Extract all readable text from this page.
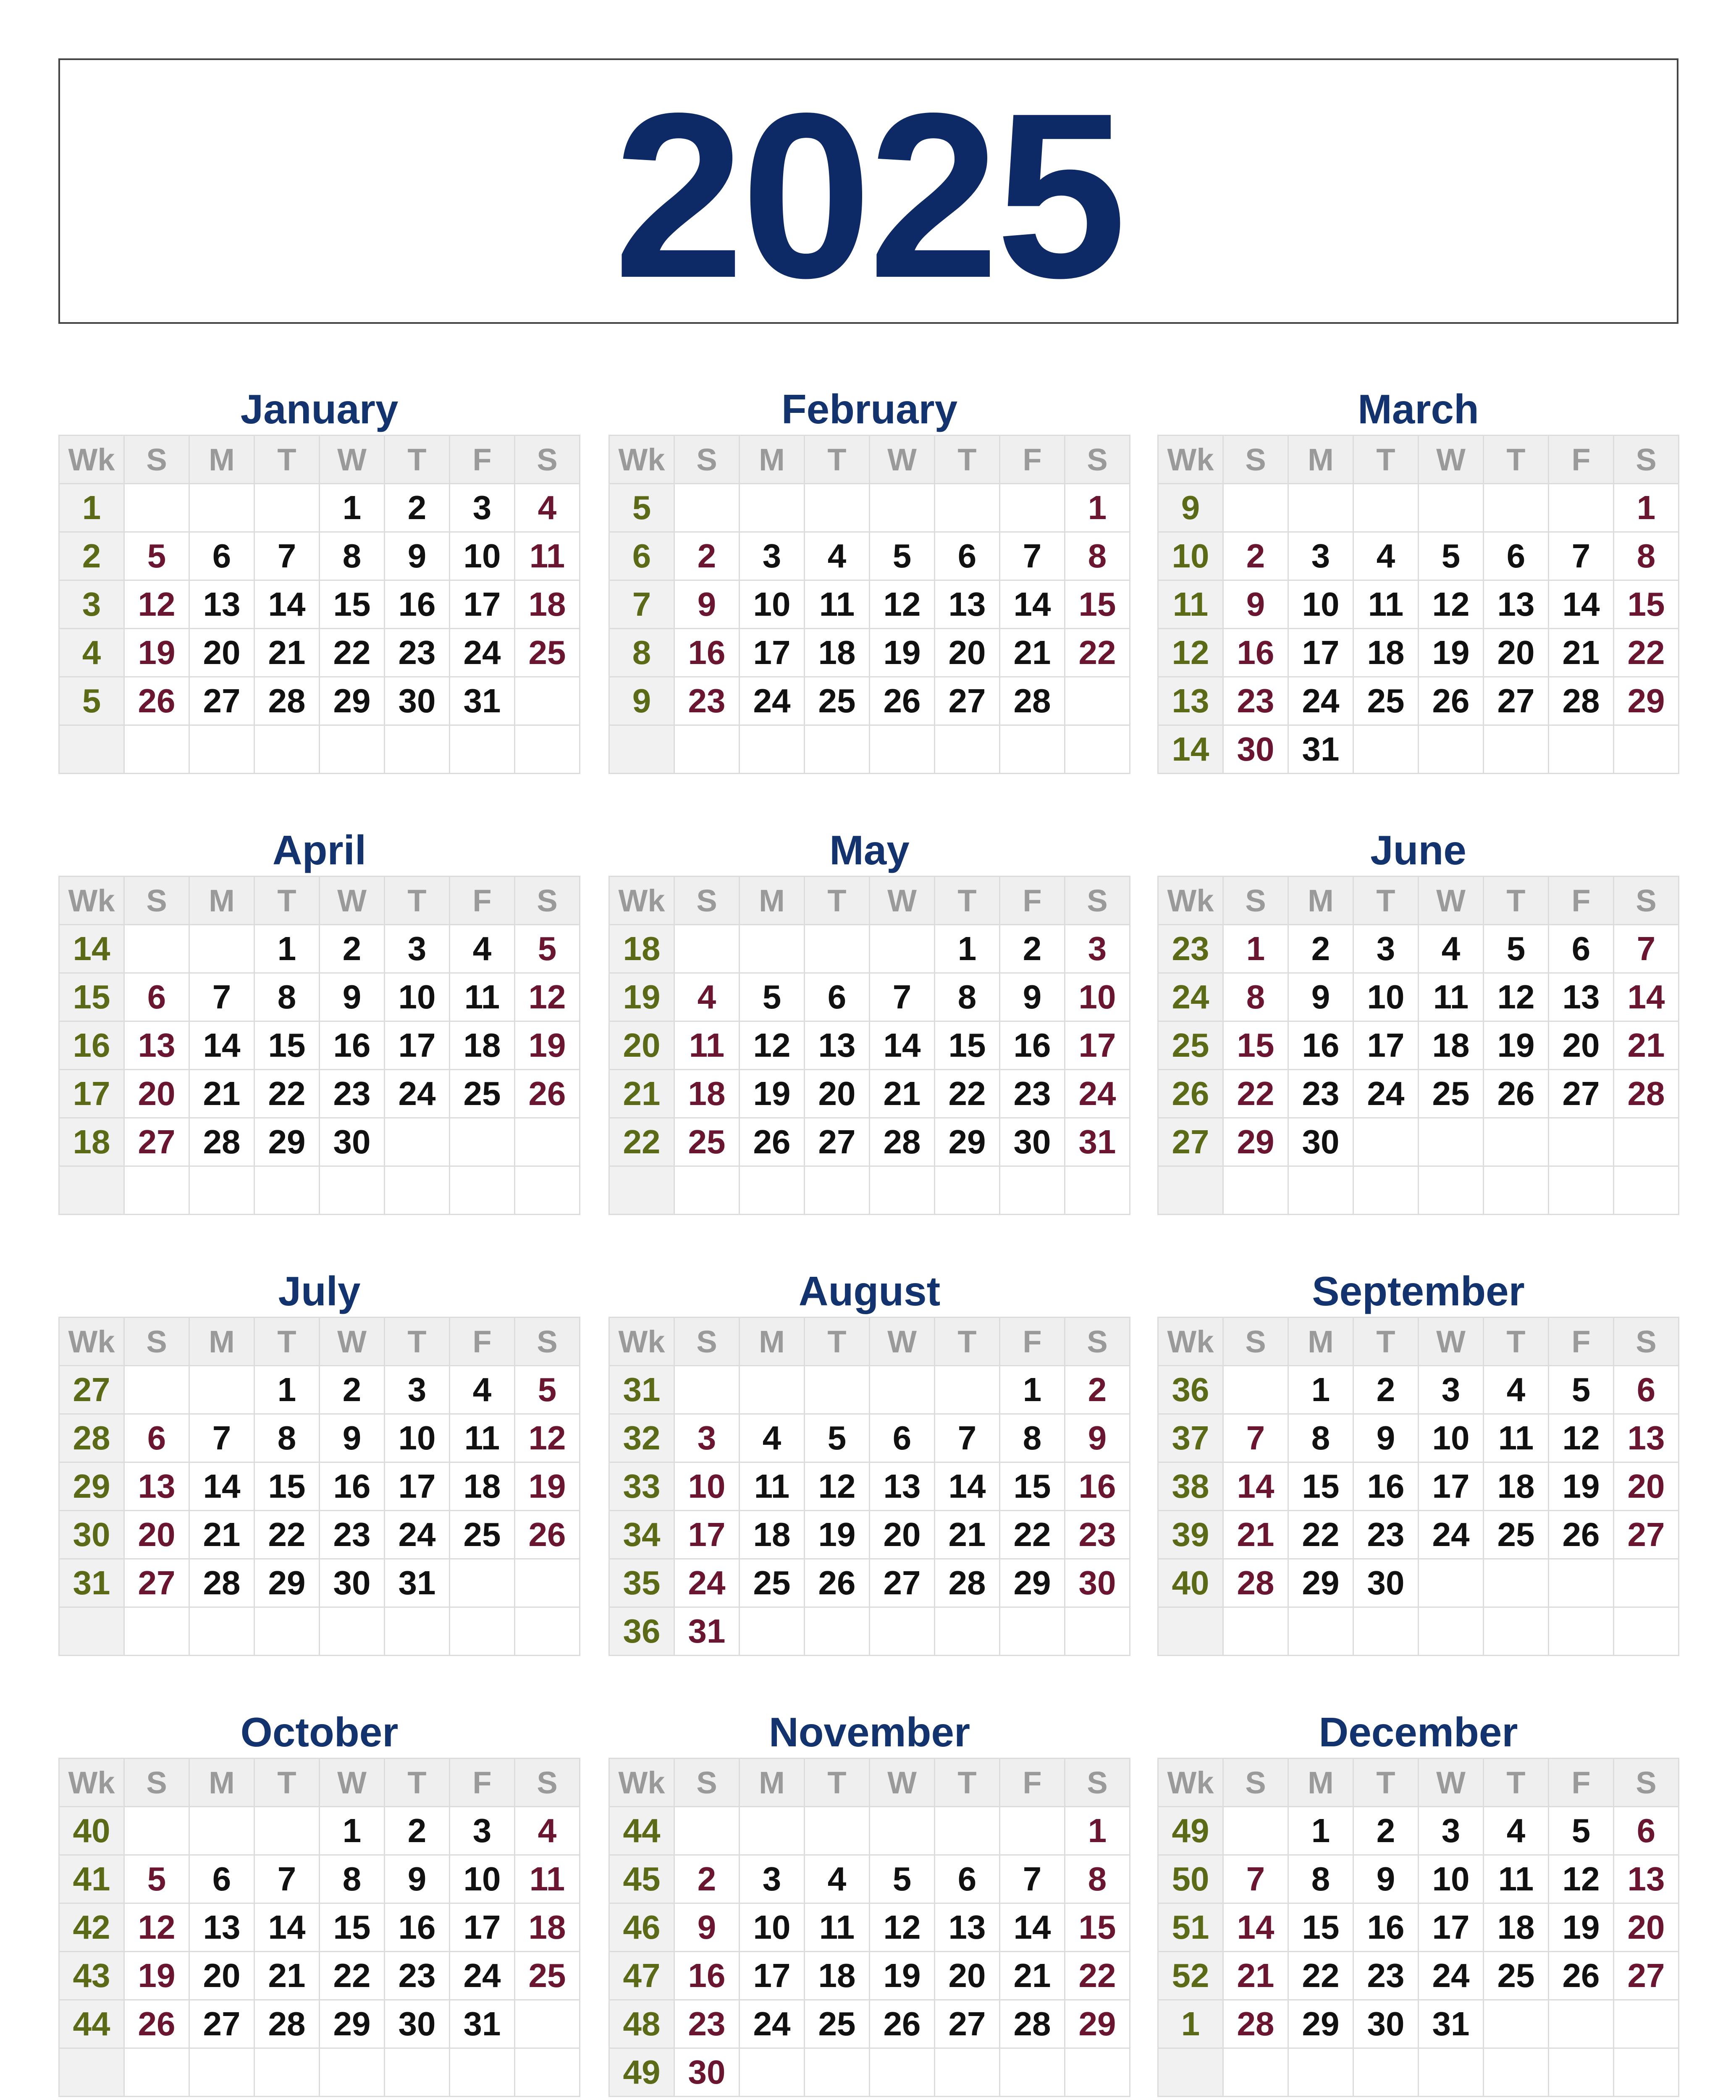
2025
January
Wk	S	M	T	W	T	F	S
1				1	2	3	4
2	5	6	7	8	9	10	11
3	12	13	14	15	16	17	18
4	19	20	21	22	23	24	25
5	26	27	28	29	30	31	

February
Wk	S	M	T	W	T	F	S
5							1
6	2	3	4	5	6	7	8
7	9	10	11	12	13	14	15
8	16	17	18	19	20	21	22
9	23	24	25	26	27	28	

March
Wk	S	M	T	W	T	F	S
9							1
10	2	3	4	5	6	7	8
11	9	10	11	12	13	14	15
12	16	17	18	19	20	21	22
13	23	24	25	26	27	28	29
14	30	31					
April
Wk	S	M	T	W	T	F	S
14			1	2	3	4	5
15	6	7	8	9	10	11	12
16	13	14	15	16	17	18	19
17	20	21	22	23	24	25	26
18	27	28	29	30			

May
Wk	S	M	T	W	T	F	S
18					1	2	3
19	4	5	6	7	8	9	10
20	11	12	13	14	15	16	17
21	18	19	20	21	22	23	24
22	25	26	27	28	29	30	31

June
Wk	S	M	T	W	T	F	S
23	1	2	3	4	5	6	7
24	8	9	10	11	12	13	14
25	15	16	17	18	19	20	21
26	22	23	24	25	26	27	28
27	29	30					

July
Wk	S	M	T	W	T	F	S
27			1	2	3	4	5
28	6	7	8	9	10	11	12
29	13	14	15	16	17	18	19
30	20	21	22	23	24	25	26
31	27	28	29	30	31		

August
Wk	S	M	T	W	T	F	S
31						1	2
32	3	4	5	6	7	8	9
33	10	11	12	13	14	15	16
34	17	18	19	20	21	22	23
35	24	25	26	27	28	29	30
36	31						
September
Wk	S	M	T	W	T	F	S
36		1	2	3	4	5	6
37	7	8	9	10	11	12	13
38	14	15	16	17	18	19	20
39	21	22	23	24	25	26	27
40	28	29	30				

October
Wk	S	M	T	W	T	F	S
40				1	2	3	4
41	5	6	7	8	9	10	11
42	12	13	14	15	16	17	18
43	19	20	21	22	23	24	25
44	26	27	28	29	30	31	

November
Wk	S	M	T	W	T	F	S
44							1
45	2	3	4	5	6	7	8
46	9	10	11	12	13	14	15
47	16	17	18	19	20	21	22
48	23	24	25	26	27	28	29
49	30						
December
Wk	S	M	T	W	T	F	S
49		1	2	3	4	5	6
50	7	8	9	10	11	12	13
51	14	15	16	17	18	19	20
52	21	22	23	24	25	26	27
1	28	29	30	31			
